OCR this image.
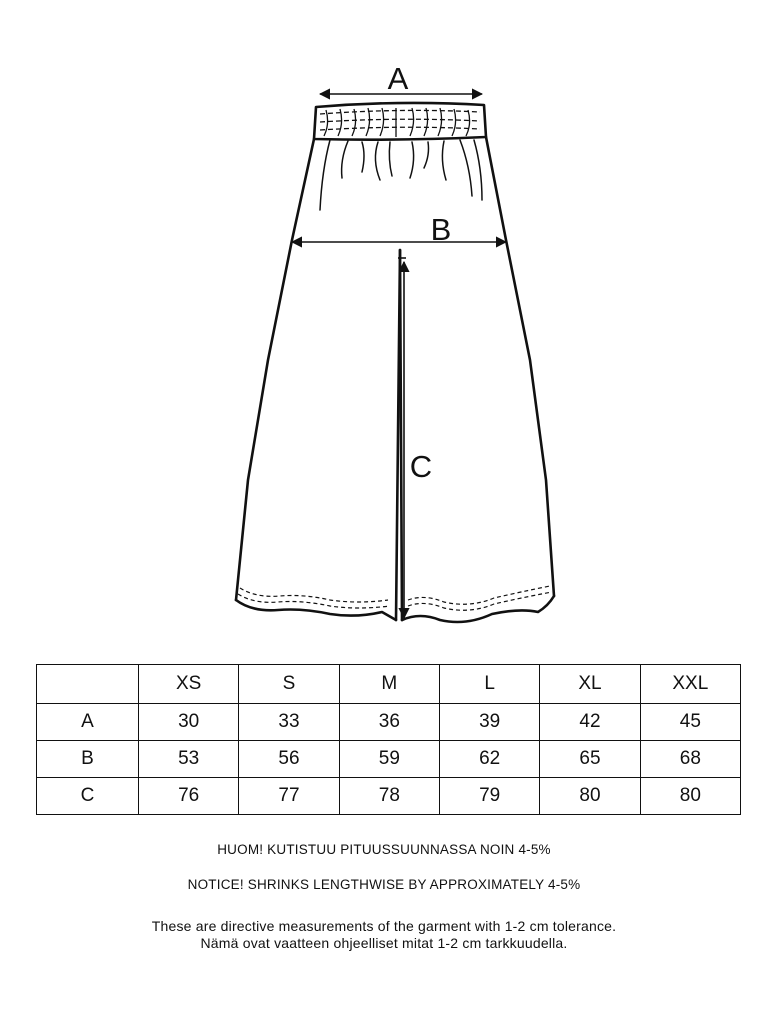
A
B
C
	XS	S	M	L	XL	XXL
A	30	33	36	39	42	45
B	53	56	59	62	65	68
C	76	77	78	79	80	80
HUOM! KUTISTUU PITUUSSUUNNASSA NOIN 4-5%
NOTICE! SHRINKS LENGTHWISE BY APPROXIMATELY 4-5%
These are directive measurements of the garment with 1-2 cm tolerance.
Nämä ovat vaatteen ohjeelliset mitat 1-2 cm tarkkuudella.
